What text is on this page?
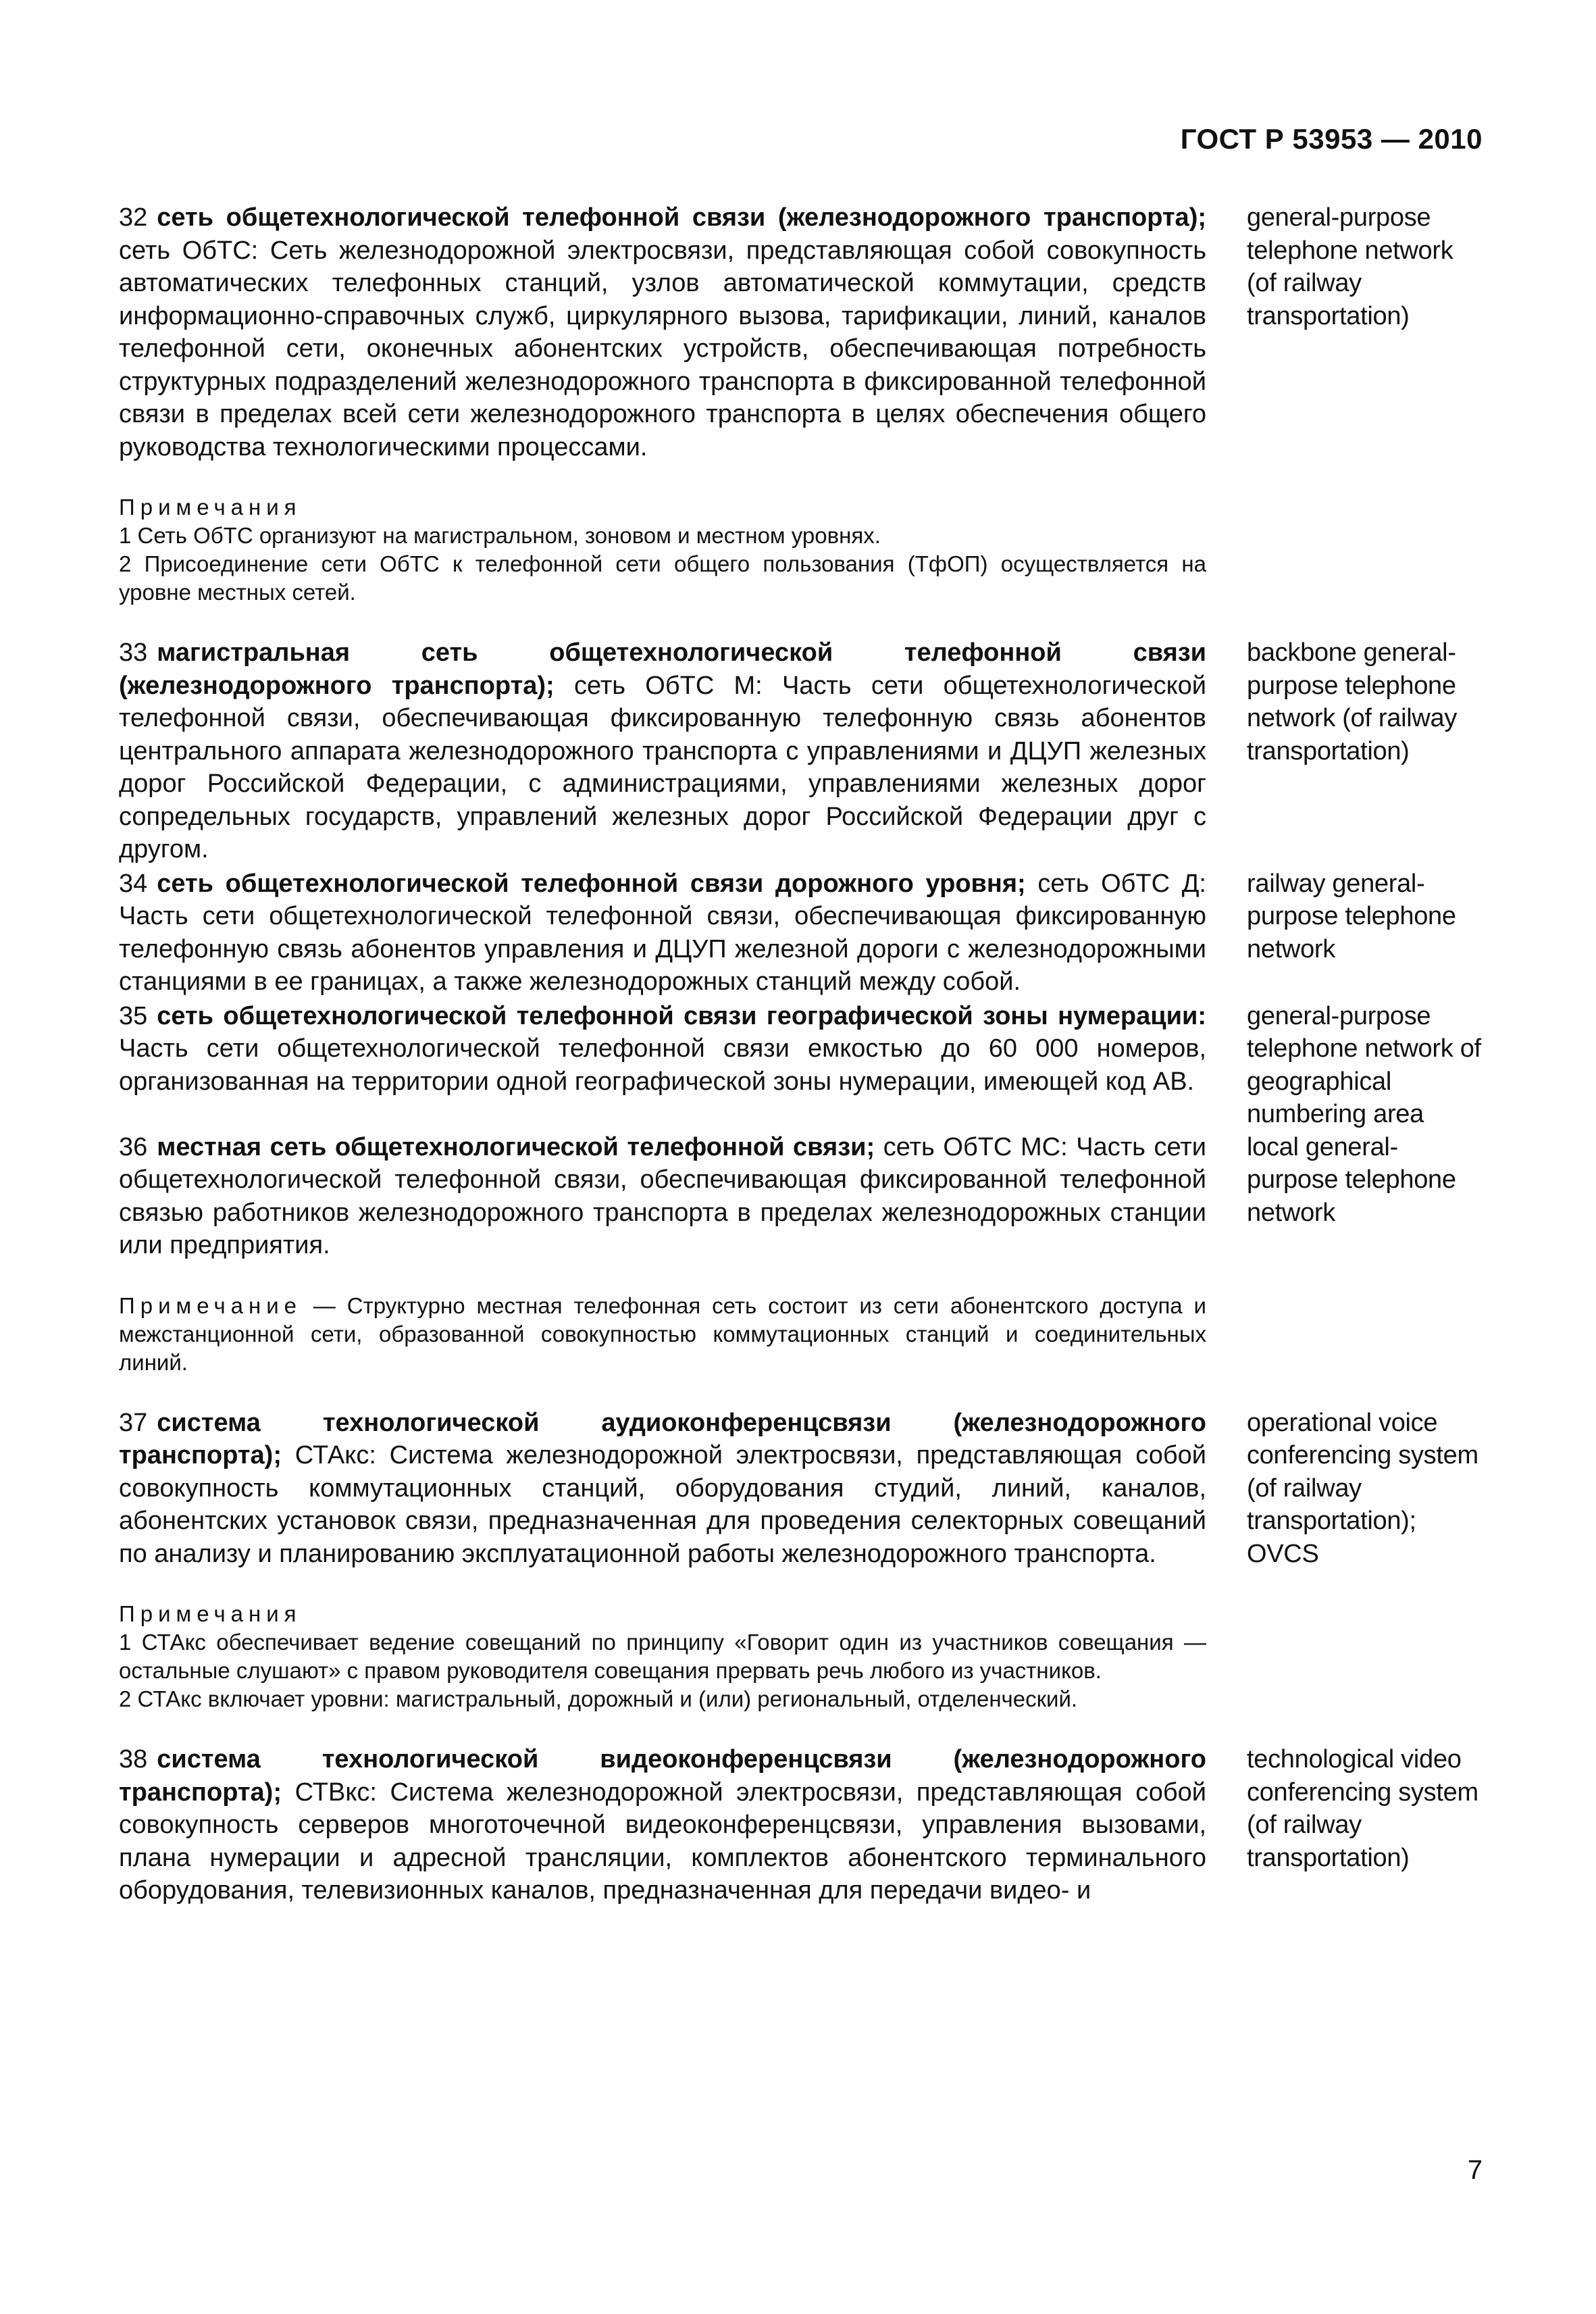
ГОСТ Р 53953 — 2010
32 сеть общетехнологической телефонной связи (железнодорожного транспорта); сеть ОбТС: Сеть железнодорожной электросвязи, представляющая собой совокупность автоматических телефонных станций, узлов автоматической коммутации, средств информационно-справочных служб, циркулярного вызова, тарификации, линий, каналов телефонной сети, оконечных абонентских устройств, обеспечивающая потребность структурных подразделений железнодорожного транспорта в фиксированной телефонной связи в пределах всей сети железнодорожного транспорта в целях обеспечения общего руководства технологическими процессами.
general-purpose telephone network (of railway transportation)

Примечания

1 Сеть ОбТС организуют на магистральном, зоновом и местном уровнях.

2 Присоединение сети ОбТС к телефонной сети общего пользования (ТфОП) осуществляется на уровне местных сетей.

33 магистральная сеть общетехнологической телефонной связи (железнодорожного транспорта); сеть ОбТС М: Часть сети общетехнологической телефонной связи, обеспечивающая фиксированную телефонную связь абонентов центрального аппарата железнодорожного транспорта с управлениями и ДЦУП железных дорог Российской Федерации, с администрациями, управлениями железных дорог сопредельных государств, управлений железных дорог Российской Федерации друг с другом.
backbone general-purpose telephone network (of railway transportation)
34 сеть общетехнологической телефонной связи дорожного уровня; сеть ОбТС Д: Часть сети общетехнологической телефонной связи, обеспечивающая фиксированную телефонную связь абонентов управления и ДЦУП железной дороги с железнодорожными станциями в ее границах, а также железнодорожных станций между собой.
railway general-purpose telephone network
35 сеть общетехнологической телефонной связи географической зоны нумерации: Часть сети общетехнологической телефонной связи емкостью до 60 000 номеров, организованная на территории одной географической зоны нумерации, имеющей код АВ.
general-purpose telephone network of geographical numbering area
36 местная сеть общетехнологической телефонной связи; сеть ОбТС МС: Часть сети общетехнологической телефонной связи, обеспечивающая фиксированной телефонной связью работников железнодорожного транспорта в пределах железнодорожных станции или предприятия.
local general-purpose telephone network

Примечание — Структурно местная телефонная сеть состоит из сети абонентского доступа и межстанционной сети, образованной совокупностью коммутационных станций и соединительных линий.

37 система технологической аудиоконференцсвязи (железнодорожного транспорта); СТАкс: Система железнодорожной электросвязи, представляющая собой совокупность коммутационных станций, оборудования студий, линий, каналов, абонентских установок связи, предназначенная для проведения селекторных совещаний по анализу и планированию эксплуатационной работы железнодорожного транспорта.
operational voice conferencing system (of railway transportation); OVCS

Примечания

1 СТАкс обеспечивает ведение совещаний по принципу «Говорит один из участников совещания — остальные слушают» с правом руководителя совещания прервать речь любого из участников.

2 СТАкс включает уровни: магистральный, дорожный и (или) региональный, отделенческий.

38 система технологической видеоконференцсвязи (железнодорожного транспорта); СТВкс: Система железнодорожной электросвязи, представляющая собой совокупность серверов многоточечной видеоконференцсвязи, управления вызовами, плана нумерации и адресной трансляции, комплектов абонентского терминального оборудования, телевизионных каналов, предназначенная для передачи видео- и
technological video conferencing system (of railway transportation)
7
